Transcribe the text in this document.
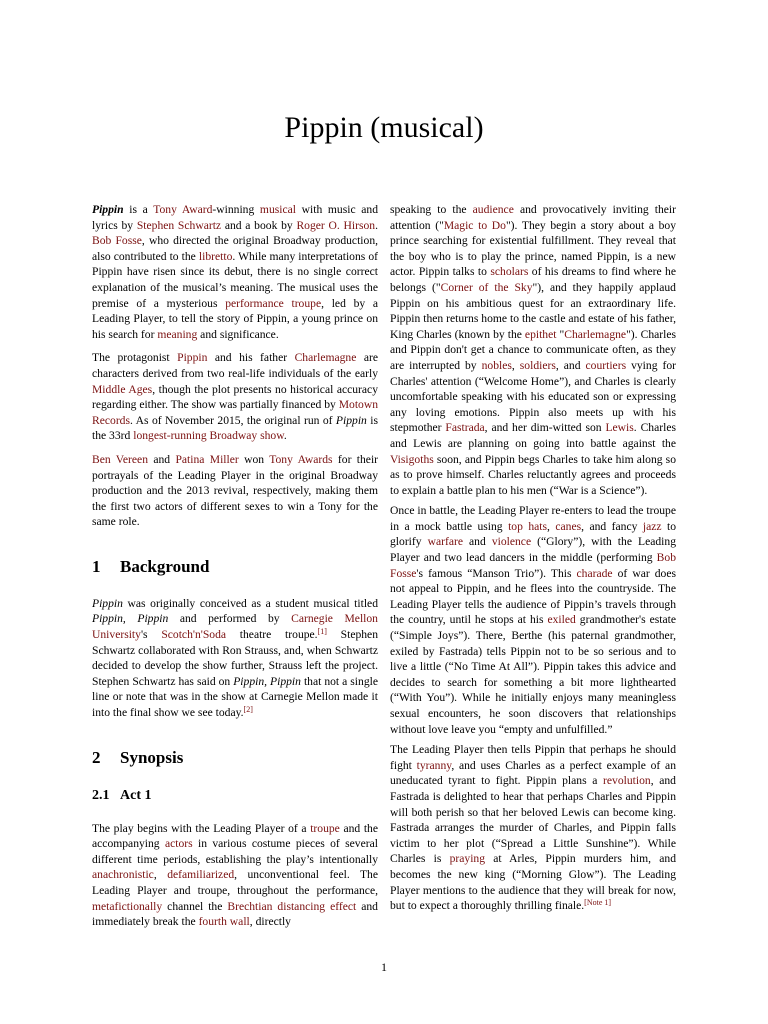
Pippin (musical)

Pippin is a Tony Award-winning musical with music and lyrics by Stephen Schwartz and a book by Roger O. Hirson. Bob Fosse, who directed the original Broadway production, also contributed to the libretto. While many interpretations of Pippin have risen since its debut, there is no single correct explanation of the musical’s meaning. The musical uses the premise of a mysterious performance troupe, led by a Leading Player, to tell the story of Pippin, a young prince on his search for meaning and significance.

The protagonist Pippin and his father Charlemagne are characters derived from two real-life individuals of the early Middle Ages, though the plot presents no historical accuracy regarding either. The show was partially financed by Motown Records. As of November 2015, the original run of Pippin is the 33rd longest-running Broadway show.

Ben Vereen and Patina Miller won Tony Awards for their portrayals of the Leading Player in the original Broadway production and the 2013 revival, respectively, making them the first two actors of different sexes to win a Tony for the same role.

1 Background

Pippin was originally conceived as a student musical titled Pippin, Pippin and performed by Carnegie Mellon University's Scotch'n'Soda theatre troupe.[1] Stephen Schwartz collaborated with Ron Strauss, and, when Schwartz decided to develop the show further, Strauss left the project. Stephen Schwartz has said on Pippin, Pippin that not a single line or note that was in the show at Carnegie Mellon made it into the final show we see today.[2]

2 Synopsis
2.1 Act 1

The play begins with the Leading Player of a troupe and the accompanying actors in various costume pieces of several different time periods, establishing the play’s intentionally anachronistic, defamiliarized, unconventional feel. The Leading Player and troupe, throughout the performance, metafictionally channel the Brechtian distancing effect and immediately break the fourth wall, directly

speaking to the audience and provocatively inviting their attention ("Magic to Do"). They begin a story about a boy prince searching for existential fulfillment. They reveal that the boy who is to play the prince, named Pippin, is a new actor. Pippin talks to scholars of his dreams to find where he belongs ("Corner of the Sky"), and they happily applaud Pippin on his ambitious quest for an extraordinary life. Pippin then returns home to the castle and estate of his father, King Charles (known by the epithet "Charlemagne"). Charles and Pippin don't get a chance to communicate often, as they are interrupted by nobles, soldiers, and courtiers vying for Charles' attention (“Welcome Home”), and Charles is clearly uncomfortable speaking with his educated son or expressing any loving emotions. Pippin also meets up with his stepmother Fastrada, and her dim-witted son Lewis. Charles and Lewis are planning on going into battle against the Visigoths soon, and Pippin begs Charles to take him along so as to prove himself. Charles reluctantly agrees and proceeds to explain a battle plan to his men (“War is a Science”).

Once in battle, the Leading Player re-enters to lead the troupe in a mock battle using top hats, canes, and fancy jazz to glorify warfare and violence (“Glory”), with the Leading Player and two lead dancers in the middle (performing Bob Fosse's famous “Manson Trio”). This charade of war does not appeal to Pippin, and he flees into the countryside. The Leading Player tells the audience of Pippin’s travels through the country, until he stops at his exiled grandmother's estate (“Simple Joys”). There, Berthe (his paternal grandmother, exiled by Fastrada) tells Pippin not to be so serious and to live a little (“No Time At All”). Pippin takes this advice and decides to search for something a bit more lighthearted (“With You”). While he initially enjoys many meaningless sexual encounters, he soon discovers that relationships without love leave you “empty and unfulfilled.”

The Leading Player then tells Pippin that perhaps he should fight tyranny, and uses Charles as a perfect example of an uneducated tyrant to fight. Pippin plans a revolution, and Fastrada is delighted to hear that perhaps Charles and Pippin will both perish so that her beloved Lewis can become king. Fastrada arranges the murder of Charles, and Pippin falls victim to her plot (“Spread a Little Sunshine”). While Charles is praying at Arles, Pippin murders him, and becomes the new king (“Morning Glow”). The Leading Player mentions to the audience that they will break for now, but to expect a thoroughly thrilling finale.[Note 1]

1
